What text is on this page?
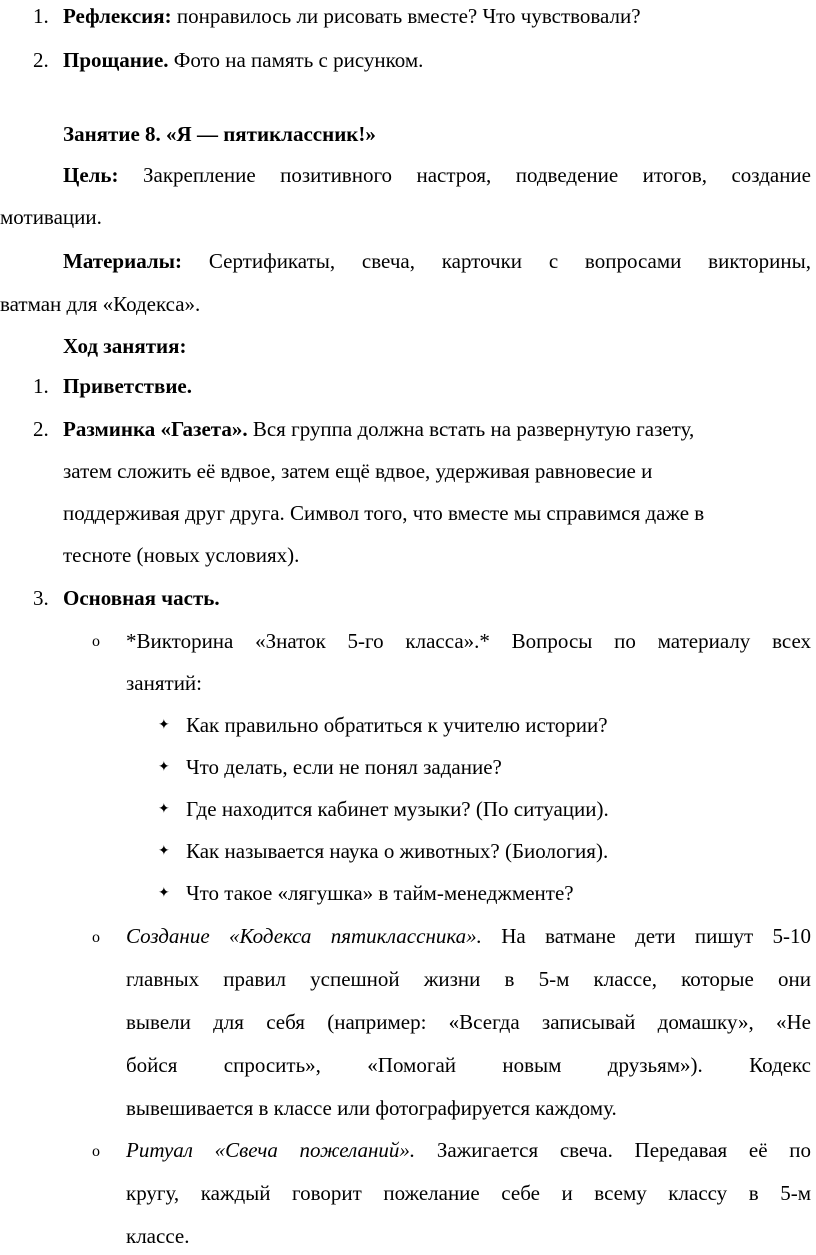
1. Рефлексия: понравилось ли рисовать вместе? Что чувствовали?
2. Прощание. Фото на память с рисунком.
Занятие 8. «Я — пятиклассник!»
Цель: Закрепление позитивного настроя, подведение итогов, создание
мотивации.
Материалы: Сертификаты, свеча, карточки с вопросами викторины,
ватман для «Кодекса».
Ход занятия:
1. Приветствие.
2. Разминка «Газета». Вся группа должна встать на развернутую газету,
затем сложить её вдвое, затем ещё вдвое, удерживая равновесие и
поддерживая друг друга. Символ того, что вместе мы справимся даже в
тесноте (новых условиях).
3. Основная часть.
o *Викторина «Знаток 5-го класса».* Вопросы по материалу всех
занятий:
✦ Как правильно обратиться к учителю истории?
✦ Что делать, если не понял задание?
✦ Где находится кабинет музыки? (По ситуации).
✦ Как называется наука о животных? (Биология).
✦ Что такое «лягушка» в тайм-менеджменте?
o Создание «Кодекса пятиклассника». На ватмане дети пишут 5-10
главных правил успешной жизни в 5-м классе, которые они
вывели для себя (например: «Всегда записывай домашку», «Не
бойся спросить», «Помогай новым друзьям»). Кодекс
вывешивается в классе или фотографируется каждому.
o Ритуал «Свеча пожеланий». Зажигается свеча. Передавая её по
кругу, каждый говорит пожелание себе и всему классу в 5-м
классе.
